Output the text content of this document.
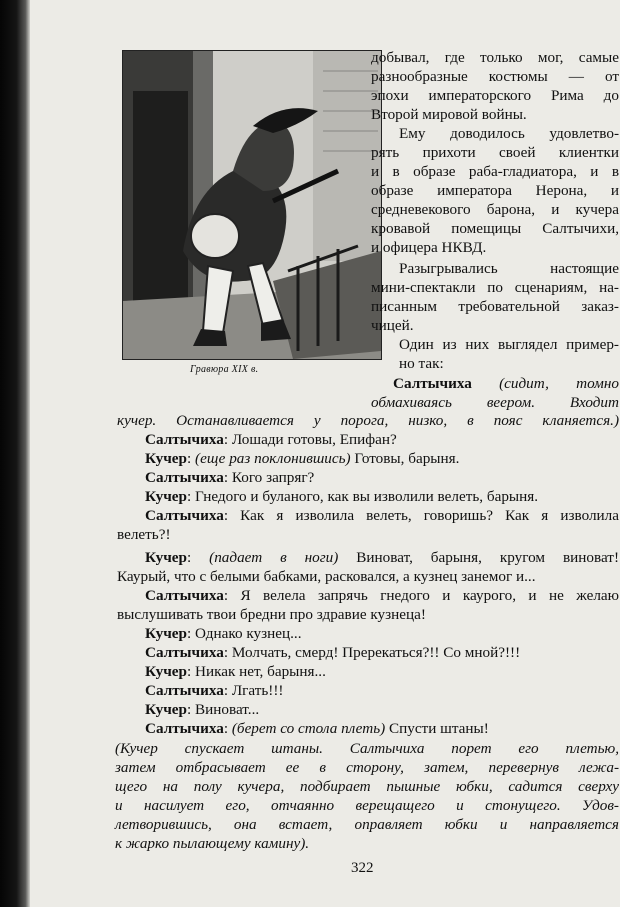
Гравюра XIX в.
добывал, где только мог, самые
разнообразные костюмы — от
эпохи императорского Рима до
Второй мировой войны.
Ему доводилось удовлетво-
рять прихоти своей клиентки
и в образе раба-гладиатора, и в
образе императора Нерона, и
средневекового барона, и кучера
кровавой помещицы Салтычихи,
и офицера НКВД.
Разыгрывались настоящие
мини-спектакли по сценариям, на-
писанным требовательной заказ-
чицей.
Один из них выглядел пример-
но так:
Салтычиха (сидит, томно
обмахиваясь веером. Входит
кучер. Останавливается у порога, низко, в пояс кланяется.)
Салтычиха: Лошади готовы, Епифан?
Кучер: (еще раз поклонившись) Готовы, барыня.
Салтычиха: Кого запряг?
Кучер: Гнедого и буланого, как вы изволили велеть, барыня.
Салтычиха: Как я изволила велеть, говоришь? Как я изволила
велеть?!
Кучер: (падает в ноги) Виноват, барыня, кругом виноват!
Каурый, что с белыми бабками, расковался, а кузнец занемог и...
Салтычиха: Я велела запрячь гнедого и каурого, и не желаю
выслушивать твои бредни про здравие кузнеца!
Кучер: Однако кузнец...
Салтычиха: Молчать, смерд! Пререкаться?!! Со мной?!!!
Кучер: Никак нет, барыня...
Салтычиха: Лгать!!!
Кучер: Виноват...
Салтычиха: (берет со стола плеть) Спусти штаны!
(Кучер спускает штаны. Салтычиха порет его плетью,
затем отбрасывает ее в сторону, затем, перевернув лежа-
щего на полу кучера, подбирает пышные юбки, садится сверху
и насилует его, отчаянно верещащего и стонущего. Удов-
летворившись, она встает, оправляет юбки и направляется
к жарко пылающему камину).
322
